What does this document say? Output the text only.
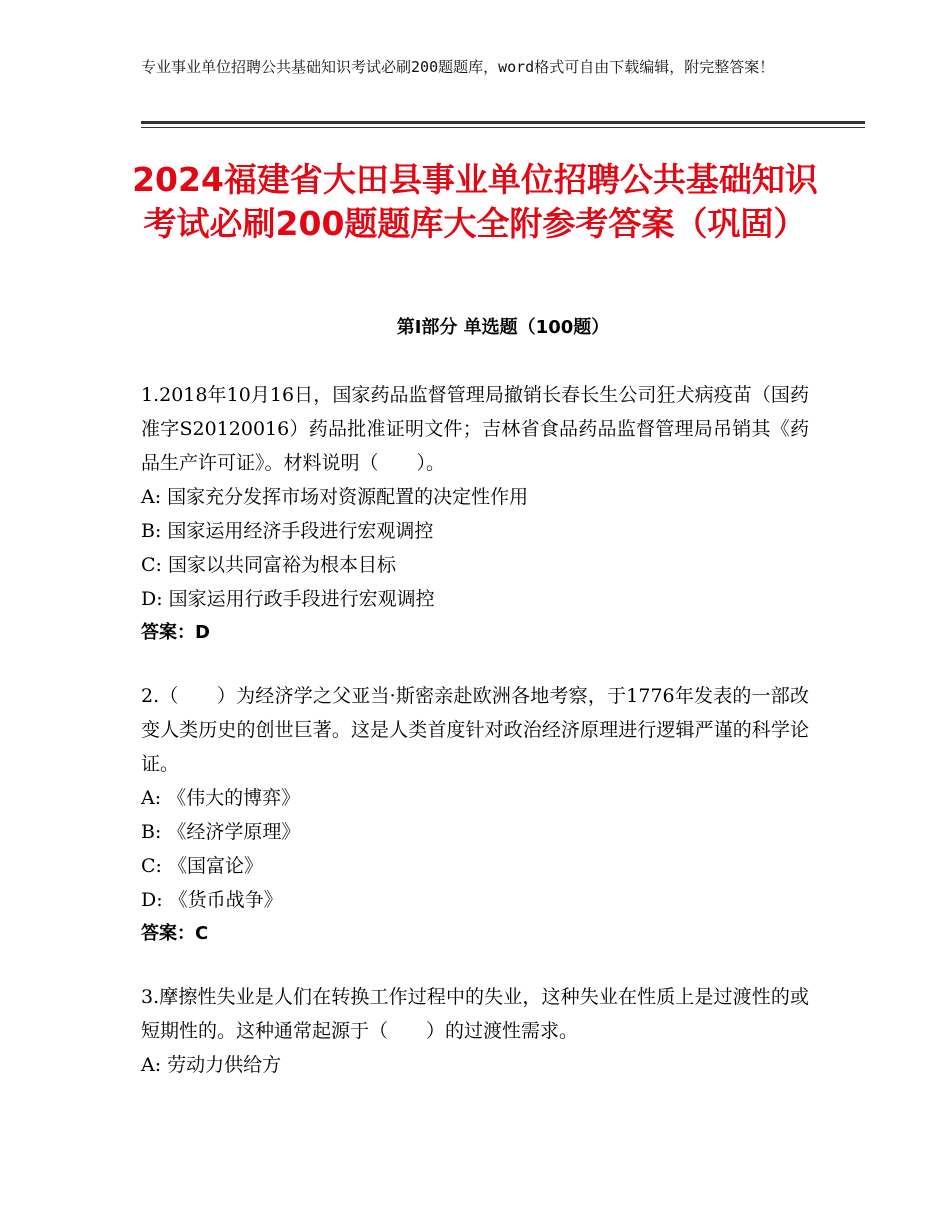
专业事业单位招聘公共基础知识考试必刷200题题库，word格式可自由下载编辑，附完整答案！
2024福建省大田县事业单位招聘公共基础知识考试必刷200题题库大全附参考答案（巩固）
第Ⅰ部分 单选题（100题）

1.2018年10月16日，国家药品监督管理局撤销长春长生公司狂犬病疫苗（国药准字S20120016）药品批准证明文件；吉林省食品药品监督管理局吊销其《药品生产许可证》。材料说明（　　）。

A: 国家充分发挥市场对资源配置的决定性作用

B: 国家运用经济手段进行宏观调控

C: 国家以共同富裕为根本目标

D: 国家运用行政手段进行宏观调控

答案：D

2.（　　）为经济学之父亚当·斯密亲赴欧洲各地考察，于1776年发表的一部改变人类历史的创世巨著。这是人类首度针对政治经济原理进行逻辑严谨的科学论证。

A: 《伟大的博弈》

B: 《经济学原理》

C: 《国富论》

D: 《货币战争》

答案：C

3.摩擦性失业是人们在转换工作过程中的失业，这种失业在性质上是过渡性的或短期性的。这种通常起源于（　　）的过渡性需求。

A: 劳动力供给方
